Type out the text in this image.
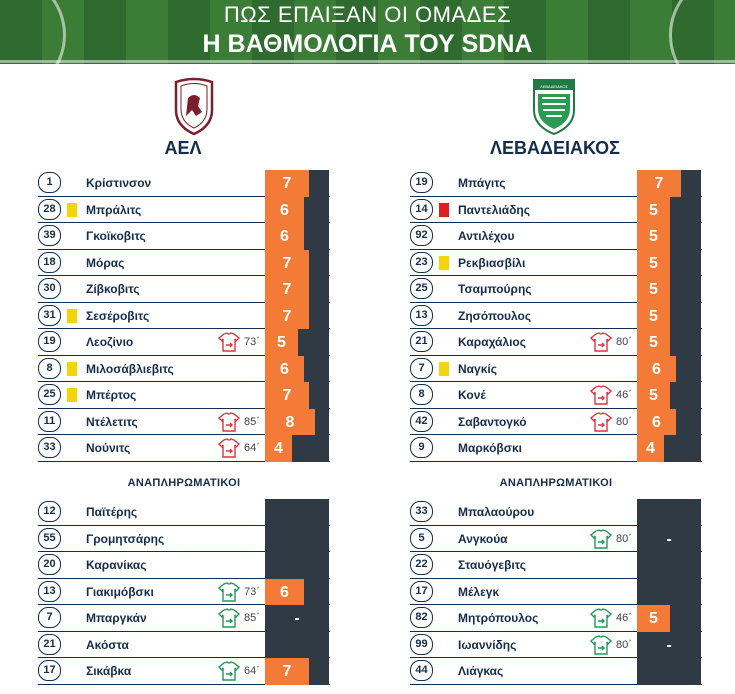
ΠΩΣ ΕΠΑΙΞΑΝ ΟΙ ΟΜΑΔΕΣ
Η ΒΑΘΜΟΛΟΓΙΑ ΤΟΥ SDNA
ΑΕΛ
1	Κρίστινσον	7
28	Μπράλιτς	6
39	Γκοϊκοβιτς	6
18	Μόρας	7
30	Ζίβκοβιτς	7
31	Σεσέροβιτς	7
19	Λεοζίνιο	73΄	5
8	Μιλοσάβλιεβιτς	6
25	Μπέρτος	7
11	Ντέλετιτς	85΄	8
33	Νούνιτς	64΄ 4
ΑΝΑΠΛΗΡΩΜΑΤΙΚΟΙ
12	Παϊτέρης
55	Γρομητσάρης
20	Καρανίκας
13	Γιακιμόβσκι	73΄	6
7	Μπαργκάν	85΄	-
21	Ακόστα
17	Σικάβκα	64΄	7
ΛΕΒΑΔΕΙΑΚΟΣ
ΛΕΒΑΔΕΙΑΚΟΣ
19	Μπάγιτς	7
14	Παντελιάδης	5
92	Αντιλέχου	5
23	Ρεκβιασβίλι	5
25	Τσαμπούρης	5
13	Ζησόπουλος	5
21	Καραχάλιος	80΄	5
7	Ναγκίς	6
8	Κονέ	46΄	5
42	Σαβαντογκό	80΄	6
9	Μαρκόβσκι	4
ΑΝΑΠΛΗΡΩΜΑΤΙΚΟΙ
33	Μπαλαούρου
5	Ανγκούα	80΄	-
22	Σταυόγεβιτς
17	Μέλεγκ
82	Μητρόπουλος	46΄	5
99	Ιωαννίδης	80΄	-
44	Λιάγκας
